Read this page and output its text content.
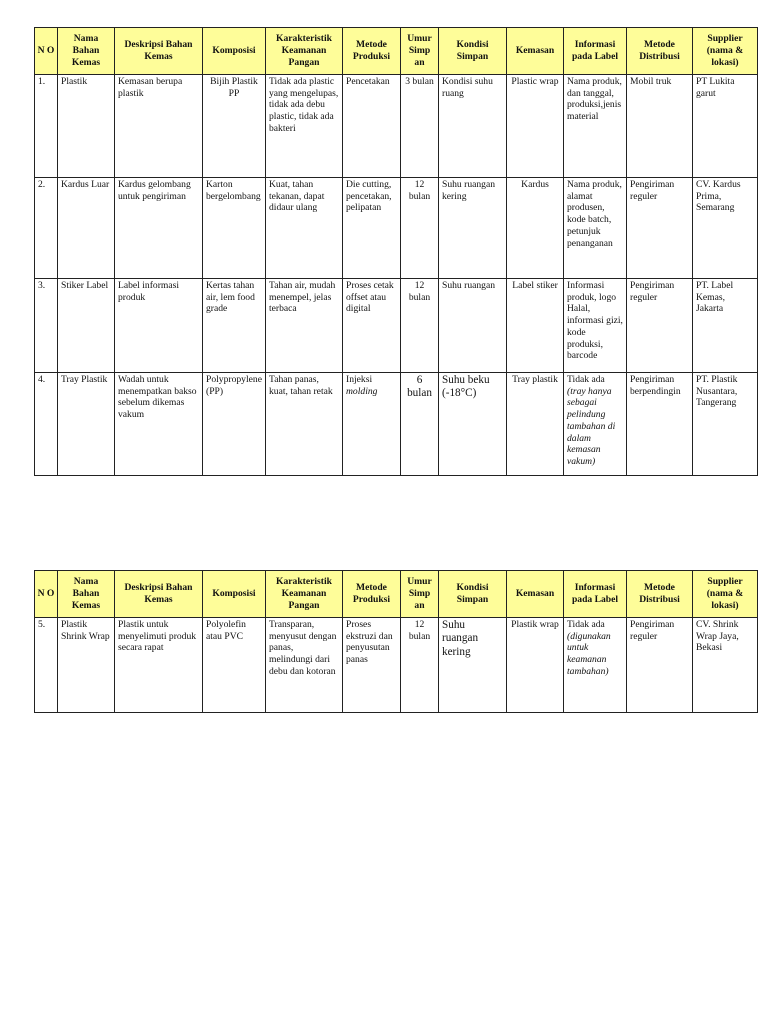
N O	Nama Bahan Kemas	Deskripsi Bahan Kemas	Komposisi	Karakteristik Keamanan Pangan	Metode Produksi	Umur Simp an	Kondisi Simpan	Kemasan	Informasi pada Label	Metode Distribusi	Supplier (nama & lokasi)
1.	Plastik	Kemasan berupa plastik	Bijih Plastik PP	Tidak ada plastic yang mengelupas, tidak ada debu plastic, tidak ada bakteri	Pencetakan	3 bulan	Kondisi suhu ruang	Plastic wrap	Nama produk, dan tanggal, produksi,jenis material	Mobil truk	PT Lukita garut
2.	Kardus Luar	Kardus gelombang untuk pengiriman	Karton bergelombang	Kuat, tahan tekanan, dapat didaur ulang	Die cutting, pencetakan, pelipatan	12 bulan	Suhu ruangan kering	Kardus	Nama produk, alamat produsen, kode batch, petunjuk penanganan	Pengiriman reguler	CV. Kardus Prima, Semarang
3.	Stiker Label	Label informasi produk	Kertas tahan air, lem food grade	Tahan air, mudah menempel, jelas terbaca	Proses cetak offset atau digital	12 bulan	Suhu ruangan	Label stiker	Informasi produk, logo Halal, informasi gizi, kode produksi, barcode	Pengiriman reguler	PT. Label Kemas, Jakarta
4.	Tray Plastik	Wadah untuk menempatkan bakso sebelum dikemas vakum	Polypropylene (PP)	Tahan panas, kuat, tahan retak	Injeksi molding	6 bulan	Suhu beku (-18°C)	Tray plastik	Tidak ada (tray hanya sebagai pelindung tambahan di dalam kemasan vakum)	Pengiriman berpendingin	PT. Plastik Nusantara, Tangerang
N O	Nama Bahan Kemas	Deskripsi Bahan Kemas	Komposisi	Karakteristik Keamanan Pangan	Metode Produksi	Umur Simp an	Kondisi Simpan	Kemasan	Informasi pada Label	Metode Distribusi	Supplier (nama & lokasi)
5.	Plastik Shrink Wrap	Plastik untuk menyelimuti produk secara rapat	Polyolefin atau PVC	Transparan, menyusut dengan panas, melindungi dari debu dan kotoran	Proses ekstruzi dan penyusutan panas	12 bulan	Suhu ruangan kering	Plastik wrap	Tidak ada (digunakan untuk keamanan tambahan)	Pengiriman reguler	CV. Shrink Wrap Jaya, Bekasi
